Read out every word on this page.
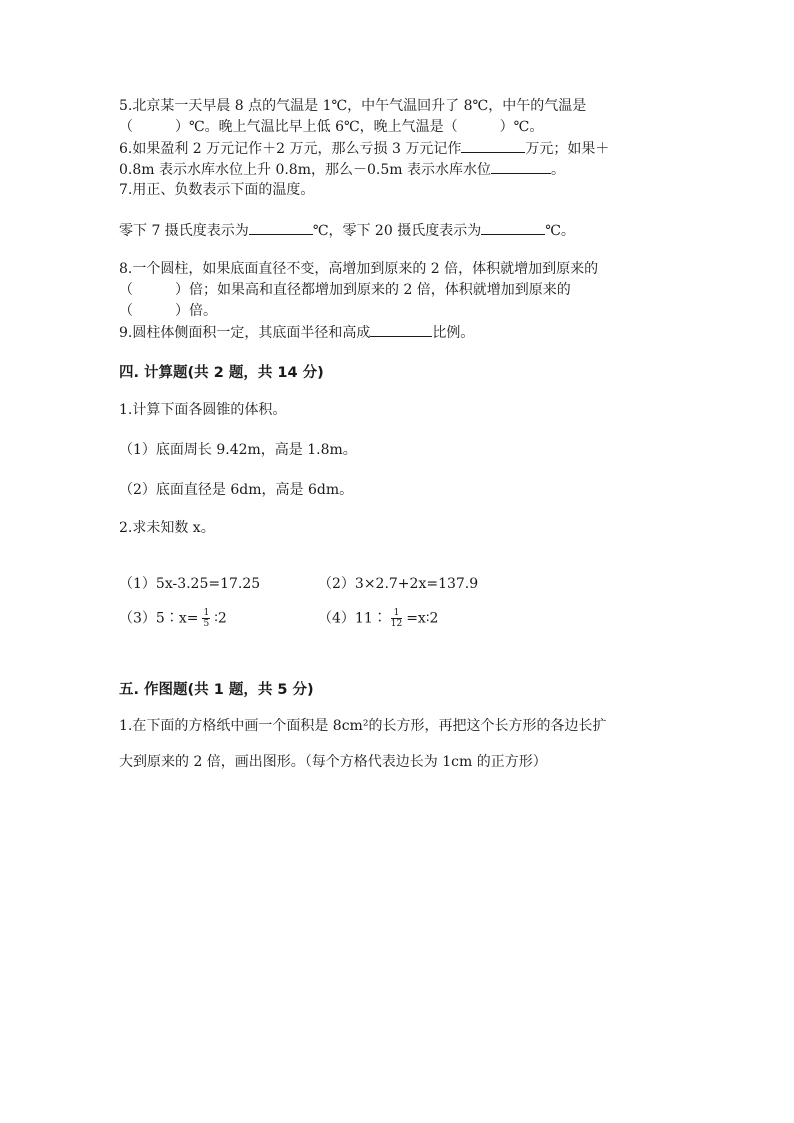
5.北京某一天早晨 8 点的气温是 1℃，中午气温回升了 8℃，中午的气温是
（　　　）℃。晚上气温比早上低 6℃，晚上气温是（　　　）℃。
6.如果盈利 2 万元记作＋2 万元，那么亏损 3 万元记作	万元；如果＋
0.8m 表示水库水位上升 0.8m，那么－0.5m 表示水库水位	。
7.用正、负数表示下面的温度。
零下 7 摄氏度表示为	℃，零下 20 摄氏度表示为	℃。
8.一个圆柱，如果底面直径不变，高增加到原来的 2 倍，体积就增加到原来的
（　　　）倍；如果高和直径都增加到原来的 2 倍，体积就增加到原来的
（　　　）倍。
9.圆柱体侧面积一定，其底面半径和高成	比例。
四. 计算题(共 2 题，共 14 分)
1.计算下面各圆锥的体积。
（1）底面周长 9.42m，高是 1.8m。
（2）底面直径是 6dm，高是 6dm。
2.求未知数 x。
（1）5x-3.25=17.25	（2）3×2.7+2x=137.9
（3）5∶x= $\frac{1}{5}$ ∶2	（4）11∶ $\frac{1}{12}$ =x∶2
五. 作图题(共 1 题，共 5 分)
1.在下面的方格纸中画一个面积是 8cm²的长方形，再把这个长方形的各边长扩
大到原来的 2 倍，画出图形。（每个方格代表边长为 1cm 的正方形）
